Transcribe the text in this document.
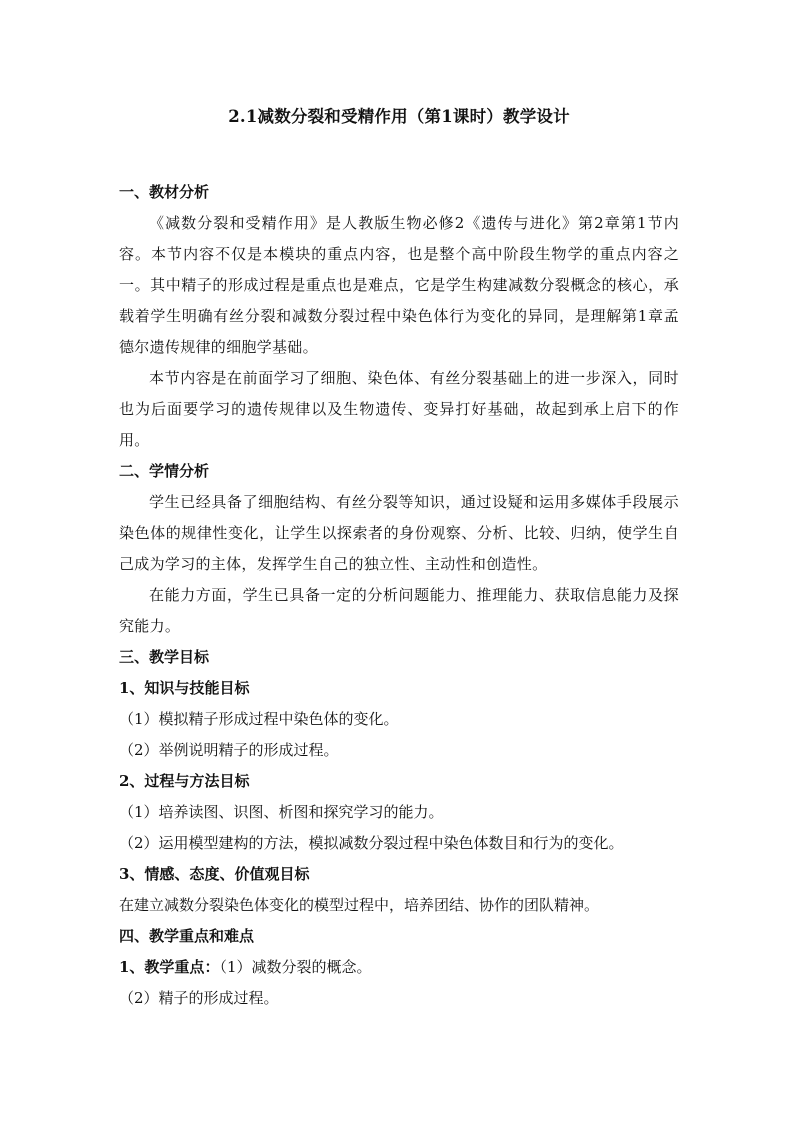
2.1减数分裂和受精作用（第1课时）教学设计
一、教材分析
《减数分裂和受精作用》是人教版生物必修2《遗传与进化》第2章第1节内容。本节内容不仅是本模块的重点内容，也是整个高中阶段生物学的重点内容之一。其中精子的形成过程是重点也是难点，它是学生构建减数分裂概念的核心，承载着学生明确有丝分裂和减数分裂过程中染色体行为变化的异同，是理解第1章孟德尔遗传规律的细胞学基础。
本节内容是在前面学习了细胞、染色体、有丝分裂基础上的进一步深入，同时也为后面要学习的遗传规律以及生物遗传、变异打好基础，故起到承上启下的作用。
二、学情分析
学生已经具备了细胞结构、有丝分裂等知识，通过设疑和运用多媒体手段展示染色体的规律性变化，让学生以探索者的身份观察、分析、比较、归纳，使学生自己成为学习的主体，发挥学生自己的独立性、主动性和创造性。
在能力方面，学生已具备一定的分析问题能力、推理能力、获取信息能力及探究能力。
三、教学目标
1、知识与技能目标
（1）模拟精子形成过程中染色体的变化。
（2）举例说明精子的形成过程。
2、过程与方法目标
（1）培养读图、识图、析图和探究学习的能力。
（2）运用模型建构的方法，模拟减数分裂过程中染色体数目和行为的变化。
3、情感、态度、价值观目标
在建立减数分裂染色体变化的模型过程中，培养团结、协作的团队精神。
四、教学重点和难点
1、教学重点：（1）减数分裂的概念。
（2）精子的形成过程。
